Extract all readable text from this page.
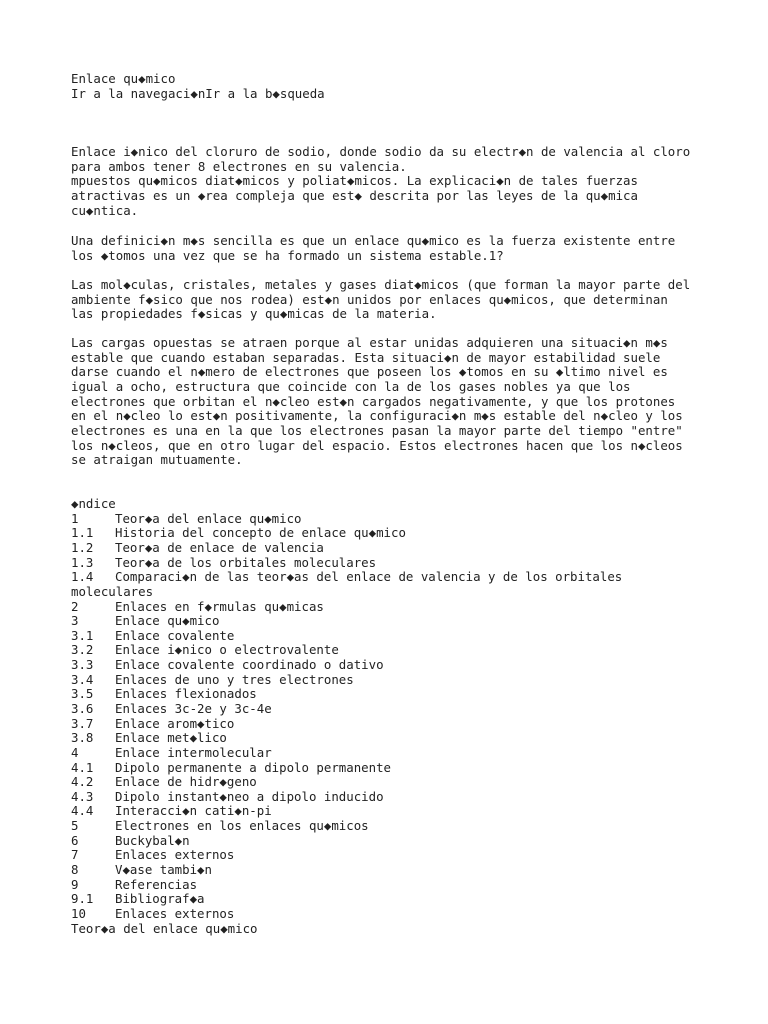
Enlace qu◆mico
Ir a la navegaci◆nIr a la b◆squeda
Enlace i◆nico del cloruro de sodio, donde sodio da su electr◆n de valencia al cloro
para ambos tener 8 electrones en su valencia.
mpuestos qu◆micos diat◆micos y poliat◆micos. La explicaci◆n de tales fuerzas
atractivas es un ◆rea compleja que est◆ descrita por las leyes de la qu◆mica
cu◆ntica.
Una definici◆n m◆s sencilla es que un enlace qu◆mico es la fuerza existente entre
los ◆tomos una vez que se ha formado un sistema estable.1?
Las mol◆culas, cristales, metales y gases diat◆micos (que forman la mayor parte del
ambiente f◆sico que nos rodea) est◆n unidos por enlaces qu◆micos, que determinan
las propiedades f◆sicas y qu◆micas de la materia.
Las cargas opuestas se atraen porque al estar unidas adquieren una situaci◆n m◆s
estable que cuando estaban separadas. Esta situaci◆n de mayor estabilidad suele
darse cuando el n◆mero de electrones que poseen los ◆tomos en su ◆ltimo nivel es
igual a ocho, estructura que coincide con la de los gases nobles ya que los
electrones que orbitan el n◆cleo est◆n cargados negativamente, y que los protones
en el n◆cleo lo est◆n positivamente, la configuraci◆n m◆s estable del n◆cleo y los
electrones es una en la que los electrones pasan la mayor parte del tiempo "entre"
los n◆cleos, que en otro lugar del espacio. Estos electrones hacen que los n◆cleos
se atraigan mutuamente.
◆ndice
1	Teor◆a del enlace qu◆mico
1.1	Historia del concepto de enlace qu◆mico
1.2	Teor◆a de enlace de valencia
1.3	Teor◆a de los orbitales moleculares
1.4	Comparaci◆n de las teor◆as del enlace de valencia y de los orbitales
moleculares
2	Enlaces en f◆rmulas qu◆micas
3	Enlace qu◆mico
3.1	Enlace covalente
3.2	Enlace i◆nico o electrovalente
3.3	Enlace covalente coordinado o dativo
3.4	Enlaces de uno y tres electrones
3.5	Enlaces flexionados
3.6	Enlaces 3c-2e y 3c-4e
3.7	Enlace arom◆tico
3.8	Enlace met◆lico
4	Enlace intermolecular
4.1	Dipolo permanente a dipolo permanente
4.2	Enlace de hidr◆geno
4.3	Dipolo instant◆neo a dipolo inducido
4.4	Interacci◆n cati◆n-pi
5	Electrones en los enlaces qu◆micos
6	Buckybal◆n
7	Enlaces externos
8	V◆ase tambi◆n
9	Referencias
9.1	Bibliograf◆a
10	Enlaces externos
Teor◆a del enlace qu◆mico
